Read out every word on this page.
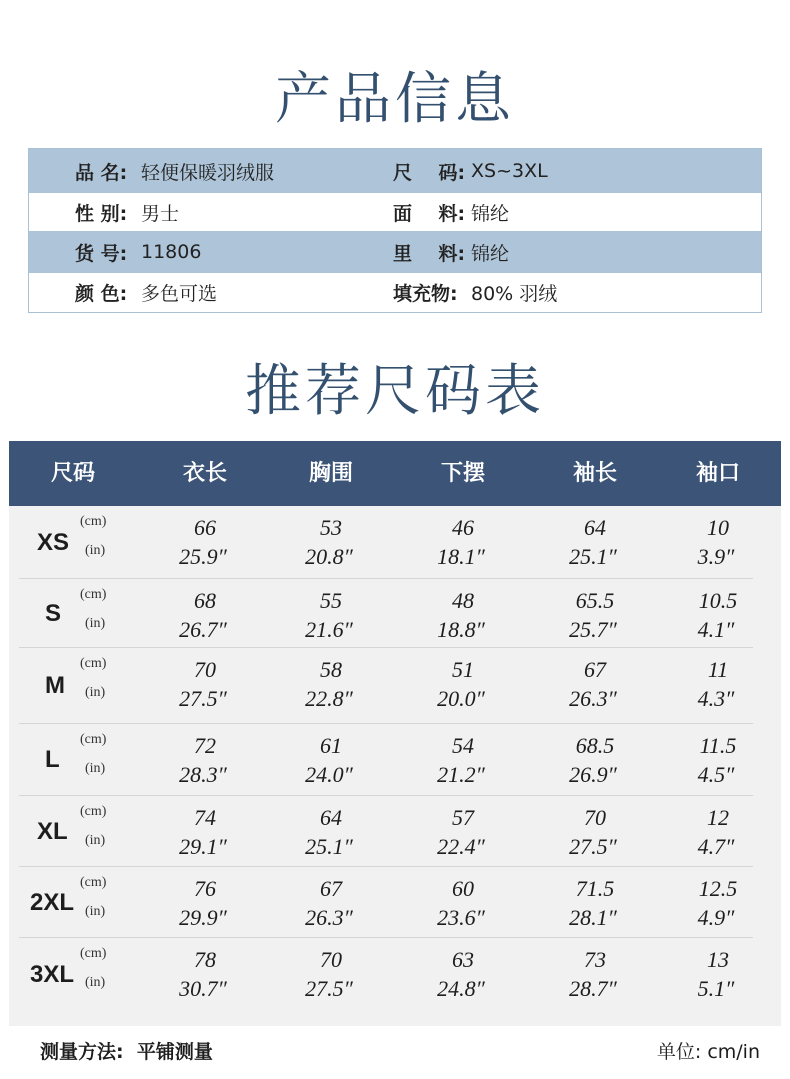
产品信息
品 名: 轻便保暖羽绒服	尺    码: XS~3XL
性 别: 男士	面    料: 锦纶
货 号: 11806	里    料: 锦纶
颜 色: 多色可选	填充物: 80% 羽绒
推荐尺码表
尺码	衣长	胸围	下摆	袖长	袖口
XS
(cm)
(in)
66	53	46	64	10
25.9″	20.8″	18.1″	25.1″	3.9″
S
(cm)
(in)
68	55	48	65.5	10.5
26.7″	21.6″	18.8″	25.7″	4.1″
M
(cm)
(in)
70	58	51	67	11
27.5″	22.8″	20.0″	26.3″	4.3″
L
(cm)
(in)
72	61	54	68.5	11.5
28.3″	24.0″	21.2″	26.9″	4.5″
XL
(cm)
(in)
74	64	57	70	12
29.1″	25.1″	22.4″	27.5″	4.7″
2XL
(cm)
(in)
76	67	60	71.5	12.5
29.9″	26.3″	23.6″	28.1″	4.9″
3XL
(cm)
(in)
78	70	63	73	13
30.7″	27.5″	24.8″	28.7″	5.1″
测量方法:  平铺测量	单位: cm/in
